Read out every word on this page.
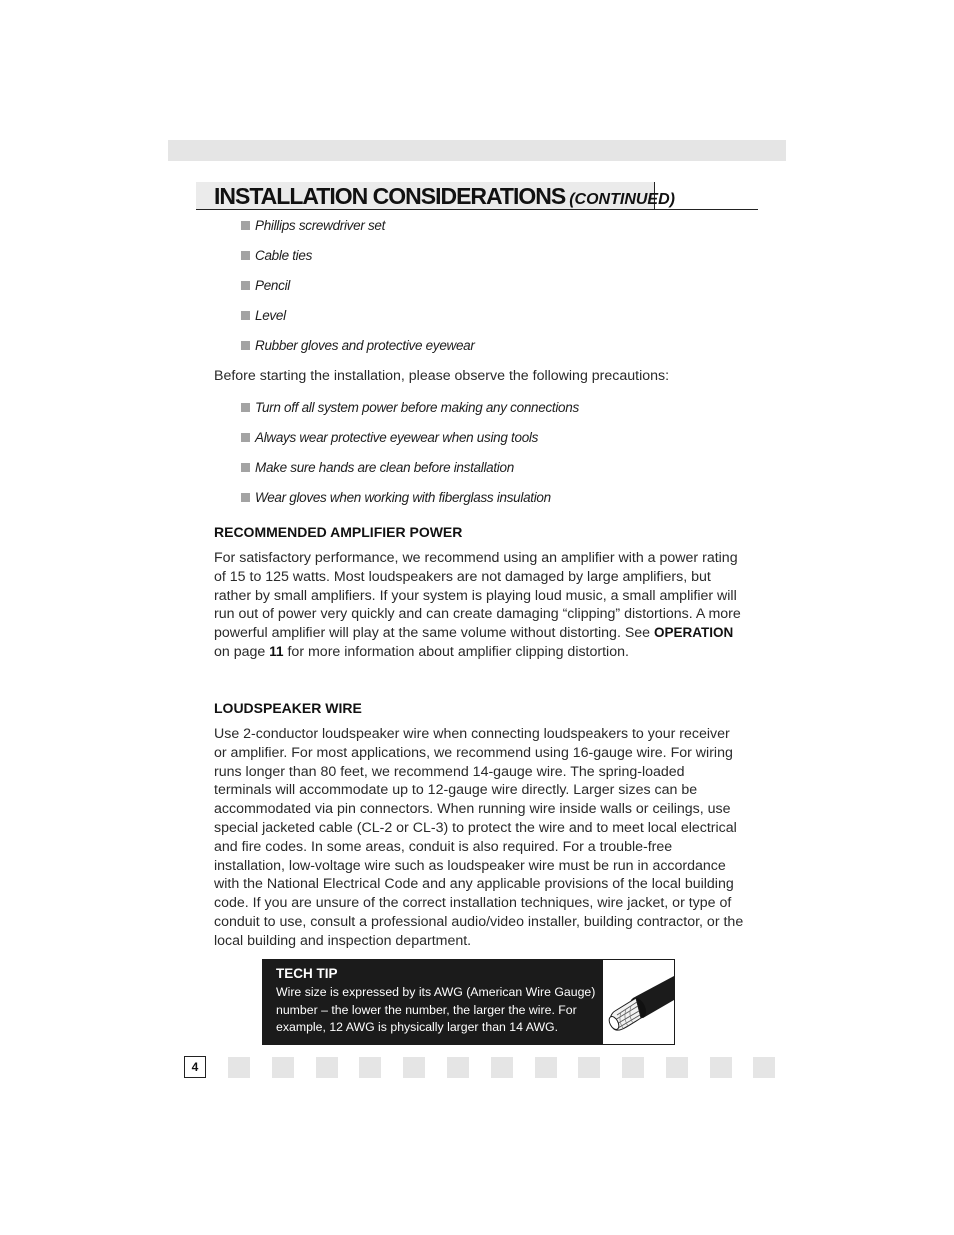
INSTALLATION CONSIDERATIONS (CONTINUED)
Phillips screwdriver set
Cable ties
Pencil
Level
Rubber gloves and protective eyewear

Before starting the installation, please observe the following precautions:

Turn off all system power before making any connections
Always wear protective eyewear when using tools
Make sure hands are clean before installation
Wear gloves when working with fiberglass insulation
RECOMMENDED AMPLIFIER POWER

For satisfactory performance, we recommend using an amplifier with a power rating of 15 to 125 watts. Most loudspeakers are not damaged by large amplifiers, but rather by small amplifiers. If your system is playing loud music, a small amplifier will run out of power very quickly and can create damaging “clipping” distortions. A more powerful amplifier will play at the same volume without distorting. See OPERATION on page 11 for more information about amplifier clipping distortion.

LOUDSPEAKER WIRE

Use 2-conductor loudspeaker wire when connecting loudspeakers to your receiver or amplifier. For most applications, we recommend using 16-gauge wire. For wiring runs longer than 80 feet, we recommend 14-gauge wire. The spring-loaded terminals will accommodate up to 12-gauge wire directly. Larger sizes can be accommodated via pin connectors. When running wire inside walls or ceilings, use special jacketed cable (CL-2 or CL-3) to protect the wire and to meet local electrical and fire codes. In some areas, conduit is also required. For a trouble-free installation, low-voltage wire such as loudspeaker wire must be run in accordance with the National Electrical Code and any applicable provisions of the local building code. If you are unsure of the correct installation techniques, wire jacket, or type of conduit to use, consult a professional audio/video installer, building contractor, or the local building and inspection department.

TECH TIP

Wire size is expressed by its AWG (American Wire Gauge) number – the lower the number, the larger the wire. For example, 12 AWG is physically larger than 14 AWG.

4
